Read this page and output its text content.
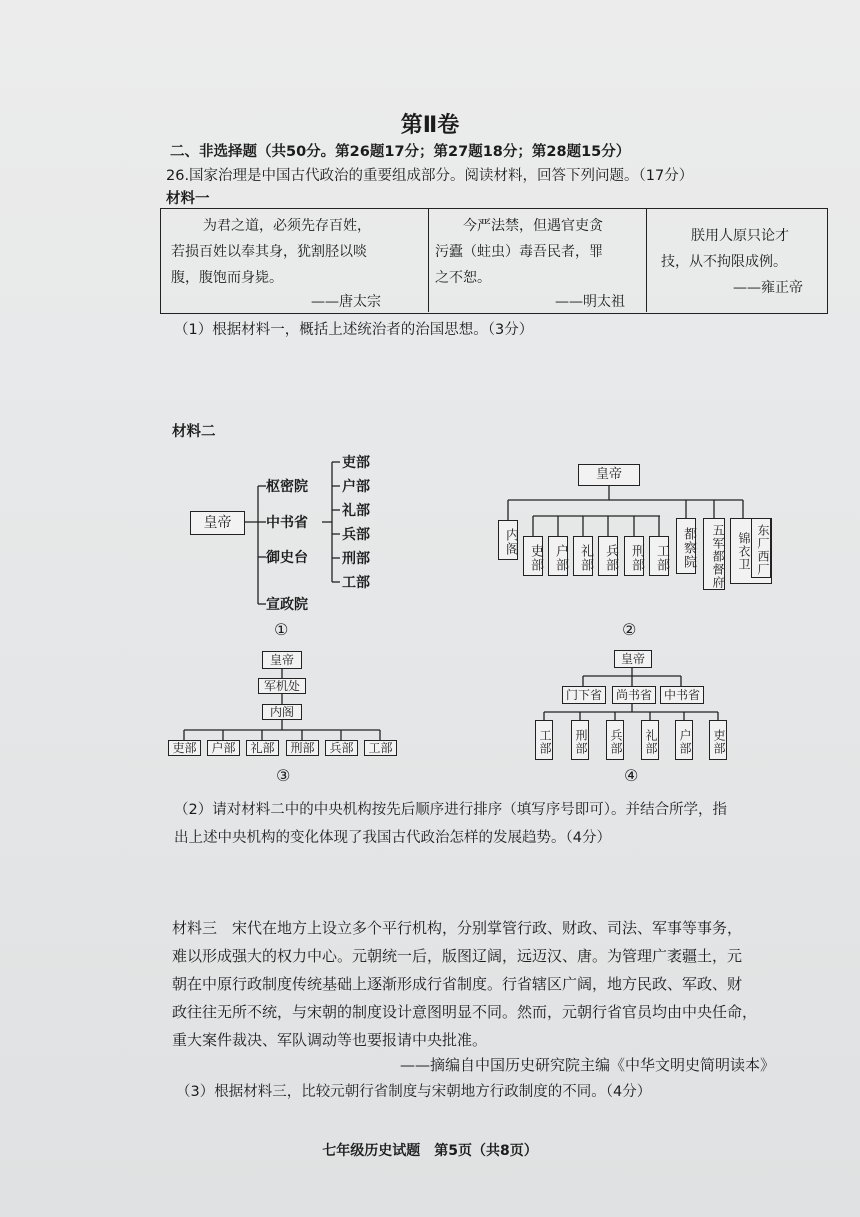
第Ⅱ卷
二、非选择题（共50分。第26题17分；第27题18分；第28题15分）
26.国家治理是中国古代政治的重要组成部分。阅读材料，回答下列问题。（17分）
材料一
为君之道，必须先存百姓，
若损百姓以奉其身，犹割胫以啖
腹，腹饱而身毙。
——唐太宗
今严法禁，但遇官吏贪
污蠹（蛀虫）毒吾民者，罪
之不恕。
——明太祖
朕用人原只论才
技，从不拘限成例。
——雍正帝
（1）根据材料一，概括上述统治者的治国思想。（3分）
材料二
皇帝
枢密院
中书省
御史台
宣政院
吏部
户部
礼部
兵部
刑部
工部
①
皇帝
内阁
吏部 户部 礼部 兵部 刑部 工部 都察院	五军都督府	锦衣卫 东厂西厂
②
皇帝
军机处
内阁
吏部	户部	礼部	刑部	兵部	工部
③
皇帝
门下省	尚书省 中书省
工部 刑部 兵部 礼部 户部 吏部
④
（2）请对材料二中的中央机构按先后顺序进行排序（填写序号即可）。并结合所学，指
出上述中央机构的变化体现了我国古代政治怎样的发展趋势。（4分）
材料三　宋代在地方上设立多个平行机构，分别掌管行政、财政、司法、军事等事务，
难以形成强大的权力中心。元朝统一后，版图辽阔，远迈汉、唐。为管理广袤疆土，元
朝在中原行政制度传统基础上逐渐形成行省制度。行省辖区广阔，地方民政、军政、财
政往往无所不统，与宋朝的制度设计意图明显不同。然而，元朝行省官员均由中央任命，
重大案件裁决、军队调动等也要报请中央批准。
——摘编自中国历史研究院主编《中华文明史简明读本》
（3）根据材料三，比较元朝行省制度与宋朝地方行政制度的不同。（4分）
七年级历史试题　第5页（共8页）
